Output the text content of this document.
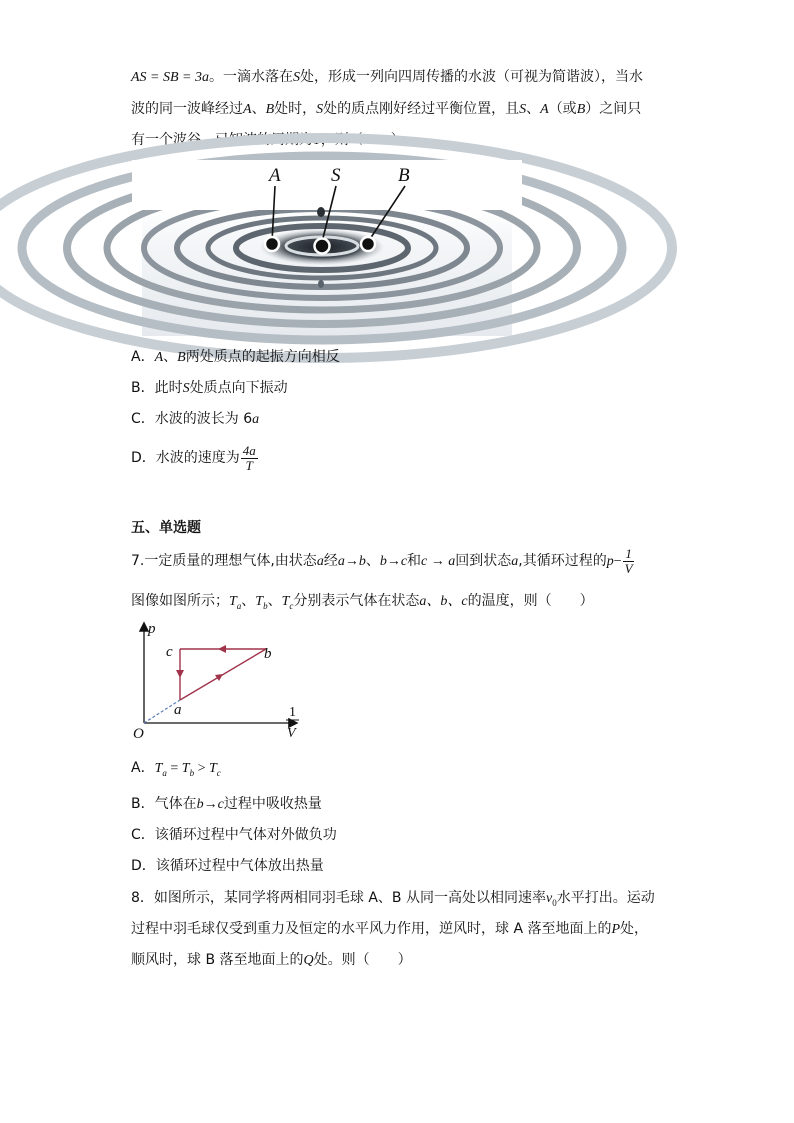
AS = SB = 3a。一滴水落在S处，形成一列向四周传播的水波（可视为简谐波），当水
波的同一波峰经过A、B处时，S处的质点刚好经过平衡位置，且S、A（或B）之间只
有一个波谷。已知波的周期为T，则（　　）
A	S	B
A．A、B两处质点的起振方向相反
B．此时S处质点向下振动
C．水波的波长为 6a
D．水波的速度为 $\frac{4a}{T}$
五、单选题
7.一定质量的理想气体,由状态a经a→b、b→c和c → a回到状态a,其循环过程的$p- \frac{1}{V}$
图像如图所示；$T_a$、$T_b$、$T_c$分别表示气体在状态a、b、c的温度，则（　　）
p
c	b
a
O
1
V
A．$T_a = T_b > T_c$
B．气体在b→c过程中吸收热量
C．该循环过程中气体对外做负功
D．该循环过程中气体放出热量
8．如图所示，某同学将两相同羽毛球 A、B 从同一高处以相同速率$v_0$水平打出。运动
过程中羽毛球仅受到重力及恒定的水平风力作用，逆风时，球 A 落至地面上的P处，
顺风时，球 B 落至地面上的Q处。则（　　）
